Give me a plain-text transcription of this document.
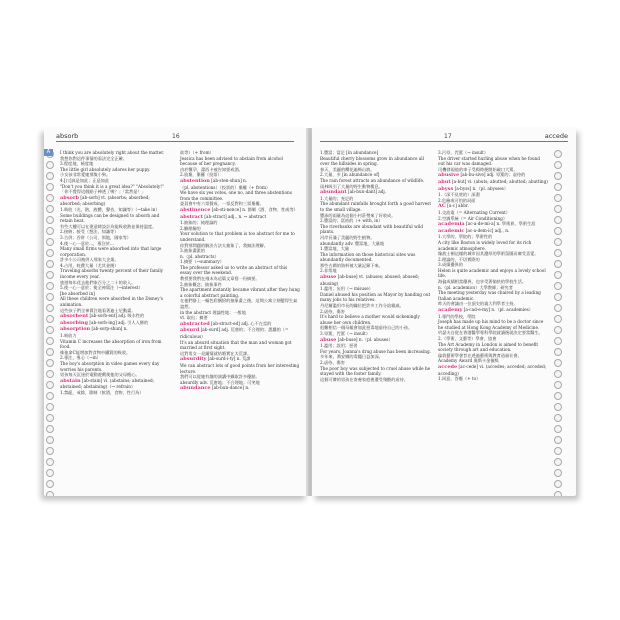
absorb	16
A	I think you are absolutely right about the matter.

我想你對這件事情的看法完全正確。

3.程度地，極度地

The little girl absolutely adores her puppy.

小女孩非常愛她那隻小狗。

4.[口]真是如此；正是如此

"Don't you think it is a great idea?" "Absolutely!"

「你不覺得這個點子棒透了嗎？」「當然是！」

absorb [ab-sorb] vt. (absorbs; absorbed; absorbed; absorbing)

1.吸收（光，熱，液體，聲音，知識等）（→take in）

Some buildings can be designed to absorb and retain heat.

有些大樓可以在建造時設計為能吸收熱並保持溫度。

2.接納；接受（想法，知識等）

3.合併；吞併（公司，領地，國家等）

4.使一心一意於...，專注於...

Many small firms were absorbed into that large corporation.

許多小公司被併入那家大企業。

4.占用，耗費大量（尤其金錢）

Traveling absorbs twenty percent of their family income every year.

旅遊每年花去他們家百分之二十的收入。

5.使一心一意於；使全神貫注（→interest）

[be absorbed in]

All these children were absorbed in the Disney's animation.

這些孩子們全神貫注地看著迪士尼動畫。

absorbent [ab-sorb-ent] adj. 吸水性的

absorbing [ab-sorb-ing] adj. 引人入勝的

absorption [ab-sorp-shun] n.

1.吸收力

Vitamin C increases the absorption of iron from food.

維他命C能增加對食物中鐵質的吸收。

2.專注，專心（→in）

The boy's absorption in video games every day worries his parents.

男孩每天沉迷於電動遊戲使他的父母擔心。

abstain [ab-stain] vi. (abstains; abstained; abstained; abstaining)（→ refrain）

1.禁絕，戒除，節制（飲酒，食物，性行為）

欲等）（+ from）

Jessica has been advised to abstain from alcohol because of her pregnancy.

由於懷孕，潔西卡被告知要戒酒。

2.放棄，棄權（投票）

abstention [ab-sten-shun] n.

（pl. abstentions）（投票的）棄權（+ from）

We have six yes votes, one no, and three abstentions from the committee.

委員會中有六票贊成、一票反對和三票棄權。

abstinence [ab-sti-nence] n. 節制（酒、食物、性或等）

abstract [ab-stract] adj., n. ↔ abstract

1.抽象的；純理論的

2.難理解的

Your solution to that problem is too abstract for me to understand.

你對那問題的解決方法太抽象了，我無法理解。

3.抽象畫派的

n.（pl. abstracts）

1.摘要（→summary）

The professor asked us to write an abstract of this essay over the weekend.

教授要我們在週末為這篇文章寫一份摘要。

2.抽象概念；抽象事件

The apartment instantly became vibrant after they hung a colorful abstract painting.

在他們掛上一幅色彩繽紛的抽象畫之後，這間公寓立刻變得生氣盎然。

in the abstract 理論性地；一般地

vt. 取出；摘要

abstracted [ab-stract-ed] adj. 心不在焉的

absurd [ab-surd] adj. 荒唐的；不合理的；愚蠢的（= ridiculous）

It's an absurd situation that the man and woman got married at first sight.

這對男女一見鍾情就結婚實在太荒謬。

absurdity [ab-surd-i-ty] n. 荒謬

We can abstract lots of good points from her interesting lecture.

我們可以從她有趣的演講中擷取許多優點。

absurdly adv. 荒唐地；不合理地；可笑地

abundance [ab-bun-dance] n.

17	accede

1.豐富；富足 [in abundance]

Beautiful cherry blossoms grow in abundance all over the hillsides in spring.

春天，美麗的櫻花遍佈山坡。

2.大量，多 [in abundance of]

The rain forest attracts an abundance of wildlife.

雨林吸引了大量的野生動物棲息。

abundant [ab-bun-dant] adj.

1.大量的；充足的

The abundant rainfalls brought forth a good harvest to the small village.

豐沛的雨量為這個小村莊帶來了好收成。

2.豐富的；富裕的（+ with, in）

The riverbanks are abundant with beautiful wild plants.

河岸長滿了美麗的野生植物。

abundantly adv. 豐富地，大量地

1.豐富地，大量

The information on those historical sites was abundantly documented.

那些古蹟的資料被大量記錄下來。

2.非常地

abuse [ab-buse] vt. (abuses; abused; abused; abusing)

1.濫用；妄用（→ misuse）

Daniel abused his position as Mayor by handing out many jobs to his relatives.

丹尼爾濫用市長的職位把許多工作分給親戚。

2.虐待，傷害

It's hard to believe a mother would sickeningly abuse her own children.

很難相信一個母親會如此惡毒地虐待自己的小孩。

3.辱罵，咒罵（→ insult）

abuse [ab-buse] n.（pl. abuses）

1.濫用；誤用；惡習

For years, Joanna's drug abuse has been increasing.

多年來，喬安娜的毒癮日益加深。

2.虐待，傷害

The poor boy was subjected to cruel abuse while he stayed with the foster family.

這個可憐的男孩在寄養家庭裡遭受殘酷的虐待。

3.污辱，咒罵（→ insult）

The driver started hurling abuse when he found out his car was damaged.

司機發現他的車子受損時便開始破口大罵。

abusive [ab-bu-sive] adj. 辱罵的；虐待的

abut [a-but] vi. (abuts; abutted; abutted; abutting)

abyss [a-byss] n.（pl. abysses）

1.（深不見底的）深淵

2.危險或可怕的局面

AC [a-c] abbr.

1.交流電（= Alternating Current）

2.空調系統（= Air Conditioning）

academia [ac-a-de-mi-a] n. 學術界，學術生涯

academic [ac-a-dem-ic] adj., n.

1.大學的，學院的；學術性的

A city like Boston is widely loved for its rich academic atmosphere.

像波士頓這樣的城市因其濃厚的學術氛圍而廣受喜愛。

2.理論的，不切實際的

3.成績優異的

Helen is quite academic and enjoys a lovely school life.

海倫成績相當優異，也享受著愉快的學校生活。

n.（pl. academics）大學教師；研究者

The meeting yesterday was chaired by a leading Italian academic.

昨天的會議由一位頂尖的義大利學者主持。

academy [a-cad-e-my] n.（pl. academies）

1.專門的學校，學院

Joseph has made up his mind to be a doctor since he studied at Hong Kong Academy of Medicine.

約瑟夫自從在香港醫學專科學院就讀後就決定要當醫生。

2.（學術，文藝等）學會，協會

The Art Academy in London is aimed to benefit society through art and education.

倫敦藝術學會旨在透過藝術與教育造福社會。

Academy Award 奧斯卡金像獎

accede [ac-cede] vi. (accedes; acceded; acceded; acceding)

1.同意，答應（+ to）
